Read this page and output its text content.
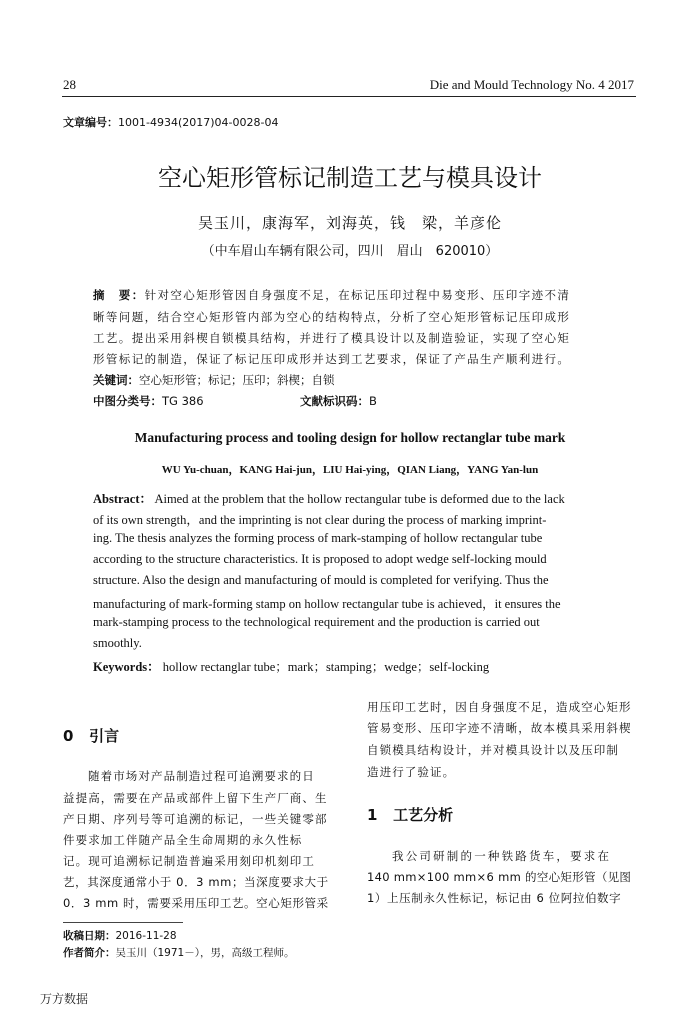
28	Die and Mould Technology No. 4 2017
文章编号：1001-4934(2017)04-0028-04
空心矩形管标记制造工艺与模具设计
吴玉川，康海军，刘海英，钱　梁，羊彦伦
（中车眉山车辆有限公司，四川　眉山　620010）
摘　要：针对空心矩形管因自身强度不足，在标记压印过程中易变形、压印字迹不清
晰等问题，结合空心矩形管内部为空心的结构特点，分析了空心矩形管标记压印成形
工艺。提出采用斜楔自锁模具结构，并进行了模具设计以及制造验证，实现了空心矩
形管标记的制造，保证了标记压印成形并达到工艺要求，保证了产品生产顺利进行。
关键词：空心矩形管；标记；压印；斜楔；自锁
中图分类号：TG 386	文献标识码：B
Manufacturing process and tooling design for hollow rectanglar tube mark
WU Yu-chuan，KANG Hai-jun，LIU Hai-ying，QIAN Liang，YANG Yan-lun
Abstract： Aimed at the problem that the hollow rectangular tube is deformed due to the lack
of its own strength，and the imprinting is not clear during the process of marking imprint-
ing. The thesis analyzes the forming process of mark-stamping of hollow rectangular tube
according to the structure characteristics. It is proposed to adopt wedge self-locking mould
structure. Also the design and manufacturing of mould is completed for verifying. Thus the
manufacturing of mark-forming stamp on hollow rectangular tube is achieved，it ensures the
mark-stamping process to the technological requirement and the production is carried out
smoothly.
Keywords： hollow rectanglar tube；mark；stamping；wedge；self-locking
0 引言
随着市场对产品制造过程可追溯要求的日
益提高，需要在产品或部件上留下生产厂商、生
产日期、序列号等可追溯的标记，一些关键零部
件要求加工伴随产品全生命周期的永久性标
记。现可追溯标记制造普遍采用刻印机刻印工
艺，其深度通常小于 0．3 mm；当深度要求大于
0．3 mm 时，需要采用压印工艺。空心矩形管采
用压印工艺时，因自身强度不足，造成空心矩形
管易变形、压印字迹不清晰，故本模具采用斜楔
自锁模具结构设计，并对模具设计以及压印制
造进行了验证。
1 工艺分析
我公司研制的一种铁路货车，要求在
140 mm×100 mm×6 mm 的空心矩形管（见图
1）上压制永久性标记，标记由 6 位阿拉伯数字
收稿日期：2016-11-28
作者简介：吴玉川（1971－），男，高级工程师。
万方数据
